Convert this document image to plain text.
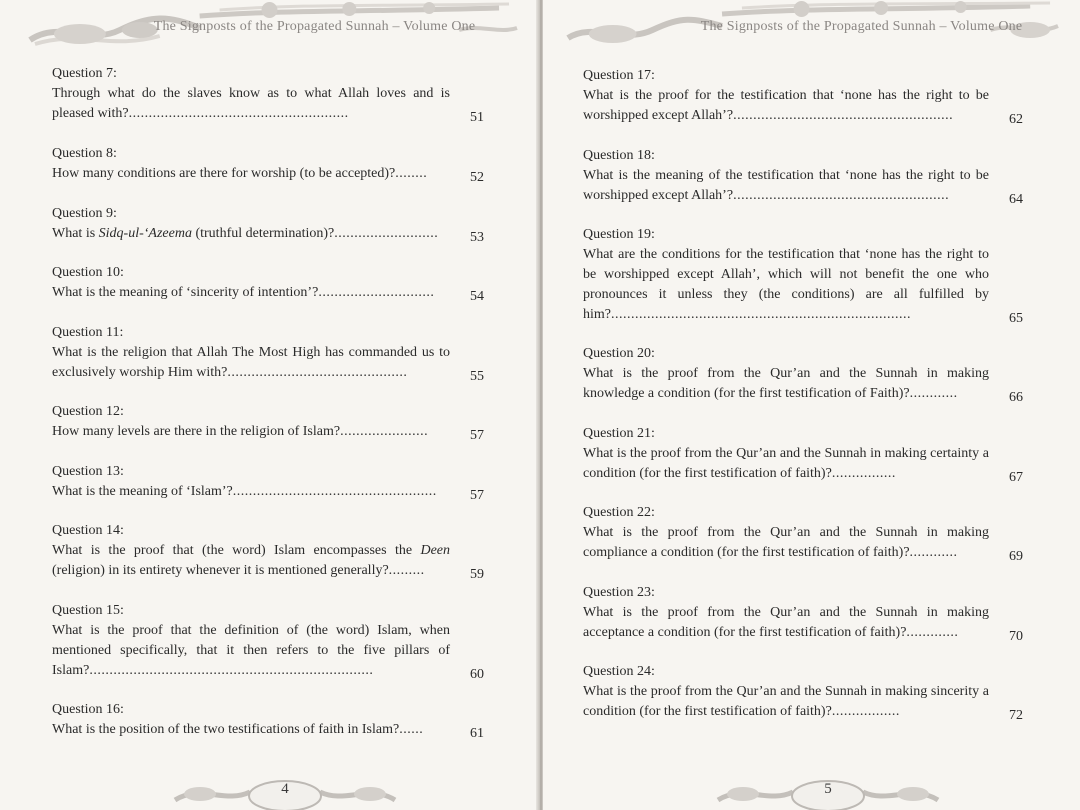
The Signposts of the Propagated Sunnah – Volume One
Question 7:
Through what do the slaves know as to what Allah loves and is pleased with?.......................................................	51
Question 8:
How many conditions are there for worship (to be accepted)?........	52
Question 9:
What is Sidq-ul-‘Azeema (truthful determination)?..........................	53
Question 10:
What is the meaning of ‘sincerity of intention’?.............................	54
Question 11:
What is the religion that Allah The Most High has commanded us to exclusively worship Him with?.............................................	55
Question 12:
How many levels are there in the religion of Islam?......................	57
Question 13:
What is the meaning of ‘Islam’?...................................................	57
Question 14:
What is the proof that (the word) Islam encompasses the Deen (religion) in its entirety whenever it is mentioned generally?.........	59
Question 15:
What is the proof that the definition of (the word) Islam, when mentioned specifically, that it then refers to the five pillars of Islam?.......................................................................	60
Question 16:
What is the position of the two testifications of faith in Islam?......	61
4
The Signposts of the Propagated Sunnah – Volume One
Question 17:
What is the proof for the testification that ‘none has the right to be worshipped except Allah’?.......................................................	62
Question 18:
What is the meaning of the testification that ‘none has the right to be worshipped except Allah’?......................................................	64
Question 19:
What are the conditions for the testification that ‘none has the right to be worshipped except Allah’, which will not benefit the one who pronounces it unless they (the conditions) are all fulfilled by him?...........................................................................	65
Question 20:
What is the proof from the Qur’an and the Sunnah in making knowledge a condition (for the first testification of Faith)?............	66
Question 21:
What is the proof from the Qur’an and the Sunnah in making certainty a condition (for the first testification of faith)?................	67
Question 22:
What is the proof from the Qur’an and the Sunnah in making compliance a condition (for the first testification of faith)?............	69
Question 23:
What is the proof from the Qur’an and the Sunnah in making acceptance a condition (for the first testification of faith)?.............	70
Question 24:
What is the proof from the Qur’an and the Sunnah in making sincerity a condition (for the first testification of faith)?.................	72
5
